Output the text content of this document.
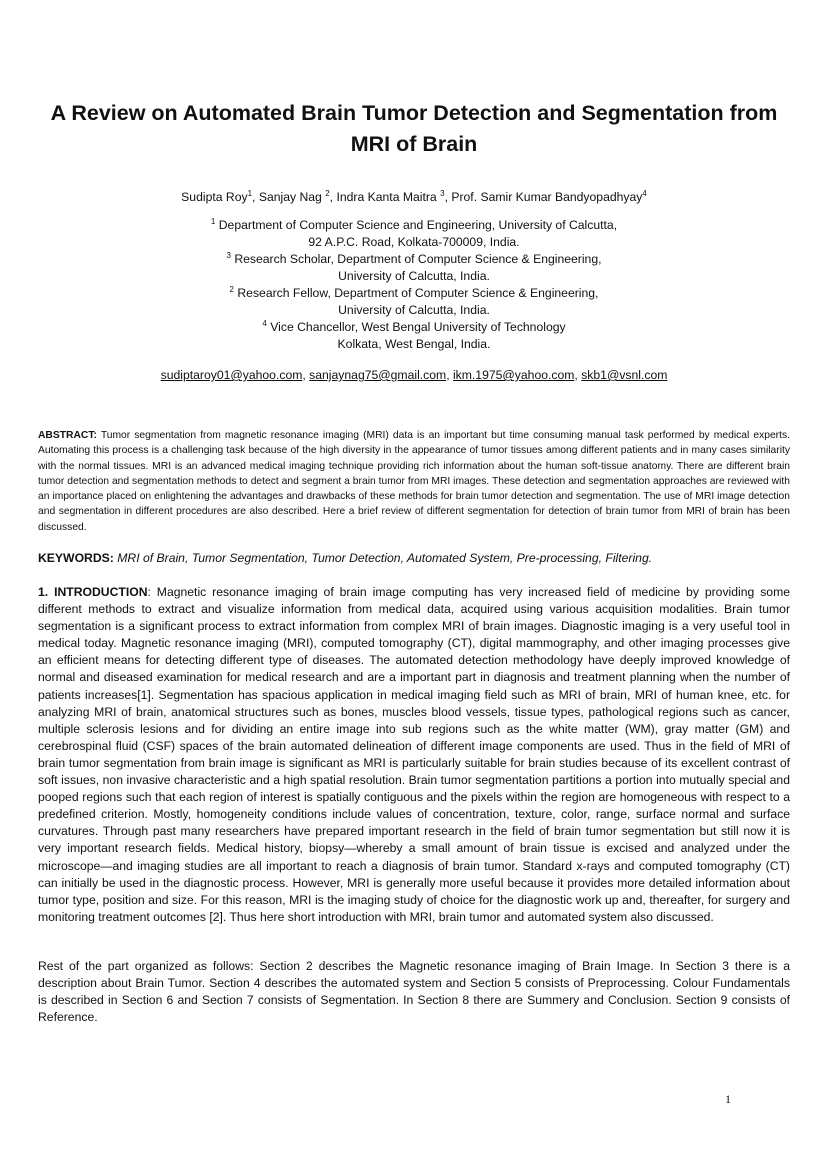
A Review on Automated Brain Tumor Detection and Segmentation from MRI of Brain
Sudipta Roy$^1$, Sanjay Nag $^2$, Indra Kanta Maitra $^3$, Prof. Samir Kumar Bandyopadhyay$^4$
$^1$ Department of Computer Science and Engineering, University of Calcutta,
92 A.P.C. Road, Kolkata-700009, India.
$^3$ Research Scholar, Department of Computer Science & Engineering,
University of Calcutta, India.
$^2$ Research Fellow, Department of Computer Science & Engineering,
University of Calcutta, India.
$^4$ Vice Chancellor, West Bengal University of Technology
Kolkata, West Bengal, India.
sudiptaroy01@yahoo.com, sanjaynag75@gmail.com, ikm.1975@yahoo.com, skb1@vsnl.com
ABSTRACT: Tumor segmentation from magnetic resonance imaging (MRI) data is an important but time consuming manual task performed by medical experts. Automating this process is a challenging task because of the high diversity in the appearance of tumor tissues among different patients and in many cases similarity with the normal tissues. MRI is an advanced medical imaging technique providing rich information about the human soft-tissue anatomy. There are different brain tumor detection and segmentation methods to detect and segment a brain tumor from MRI images. These detection and segmentation approaches are reviewed with an importance placed on enlightening the advantages and drawbacks of these methods for brain tumor detection and segmentation. The use of MRI image detection and segmentation in different procedures are also described. Here a brief review of different segmentation for detection of brain tumor from MRI of brain has been discussed.
KEYWORDS: MRI of Brain, Tumor Segmentation, Tumor Detection, Automated System, Pre-processing, Filtering.

1. INTRODUCTION: Magnetic resonance imaging of brain image computing has very increased field of medicine by providing some different methods to extract and visualize information from medical data, acquired using various acquisition modalities. Brain tumor segmentation is a significant process to extract information from complex MRI of brain images. Diagnostic imaging is a very useful tool in medical today. Magnetic resonance imaging (MRI), computed tomography (CT), digital mammography, and other imaging processes give an efficient means for detecting different type of diseases. The automated detection methodology have deeply improved knowledge of normal and diseased examination for medical research and are a important part in diagnosis and treatment planning when the number of patients increases[1]. Segmentation has spacious application in medical imaging field such as MRI of brain, MRI of human knee, etc. for analyzing MRI of brain, anatomical structures such as bones, muscles blood vessels, tissue types, pathological regions such as cancer, multiple sclerosis lesions and for dividing an entire image into sub regions such as the white matter (WM), gray matter (GM) and cerebrospinal fluid (CSF) spaces of the brain automated delineation of different image components are used. Thus in the field of MRI of brain tumor segmentation from brain image is significant as MRI is particularly suitable for brain studies because of its excellent contrast of soft issues, non invasive characteristic and a high spatial resolution. Brain tumor segmentation partitions a portion into mutually special and pooped regions such that each region of interest is spatially contiguous and the pixels within the region are homogeneous with respect to a predefined criterion. Mostly, homogeneity conditions include values of concentration, texture, color, range, surface normal and surface curvatures. Through past many researchers have prepared important research in the field of brain tumor segmentation but still now it is very important research fields. Medical history, biopsy—whereby a small amount of brain tissue is excised and analyzed under the microscope—and imaging studies are all important to reach a diagnosis of brain tumor. Standard x-rays and computed tomography (CT) can initially be used in the diagnostic process. However, MRI is generally more useful because it provides more detailed information about tumor type, position and size. For this reason, MRI is the imaging study of choice for the diagnostic work up and, thereafter, for surgery and monitoring treatment outcomes [2]. Thus here short introduction with MRI, brain tumor and automated system also discussed.

Rest of the part organized as follows: Section 2 describes the Magnetic resonance imaging of Brain Image. In Section 3 there is a description about Brain Tumor. Section 4 describes the automated system and Section 5 consists of Preprocessing. Colour Fundamentals is described in Section 6 and Section 7 consists of Segmentation. In Section 8 there are Summery and Conclusion. Section 9 consists of Reference.

1
